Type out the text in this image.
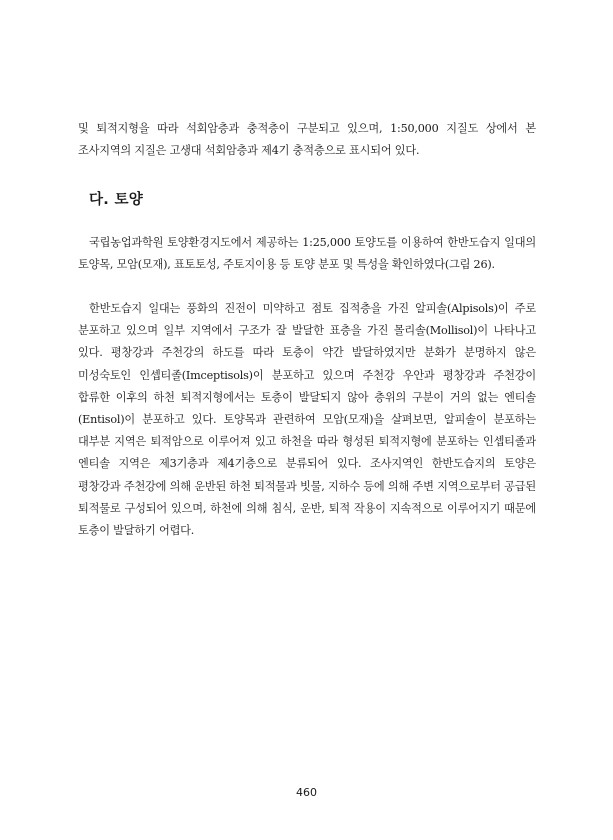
및 퇴적지형을 따라 석회암층과 충적층이 구분되고 있으며, 1:50,000 지질도 상에서 본 조사지역의 지질은 고생대 석회암층과 제4기 충적층으로 표시되어 있다.

다. 토양

국립농업과학원 토양환경지도에서 제공하는 1:25,000 토양도를 이용하여 한반도습지 일대의 토양목, 모암(모재), 표토토성, 주토지이용 등 토양 분포 및 특성을 확인하였다(그림 26).

한반도습지 일대는 풍화의 진전이 미약하고 점토 집적층을 가진 알피솔(Alpisols)이 주로 분포하고 있으며 일부 지역에서 구조가 잘 발달한 표층을 가진 몰리솔(Mollisol)이 나타나고 있다. 평창강과 주천강의 하도를 따라 토층이 약간 발달하였지만 분화가 분명하지 않은 미성숙토인 인셉티졸(Imceptisols)이 분포하고 있으며 주천강 우안과 평창강과 주천강이 합류한 이후의 하천 퇴적지형에서는 토층이 발달되지 않아 층위의 구분이 거의 없는 엔티솔(Entisol)이 분포하고 있다. 토양목과 관련하여 모암(모재)을 살펴보면, 알피솔이 분포하는 대부분 지역은 퇴적암으로 이루어져 있고 하천을 따라 형성된 퇴적지형에 분포하는 인셉티졸과 엔티솔 지역은 제3기층과 제4기층으로 분류되어 있다. 조사지역인 한반도습지의 토양은 평창강과 주천강에 의해 운반된 하천 퇴적물과 빗물, 지하수 등에 의해 주변 지역으로부터 공급된 퇴적물로 구성되어 있으며, 하천에 의해 침식, 운반, 퇴적 작용이 지속적으로 이루어지기 때문에 토층이 발달하기 어렵다.

460
